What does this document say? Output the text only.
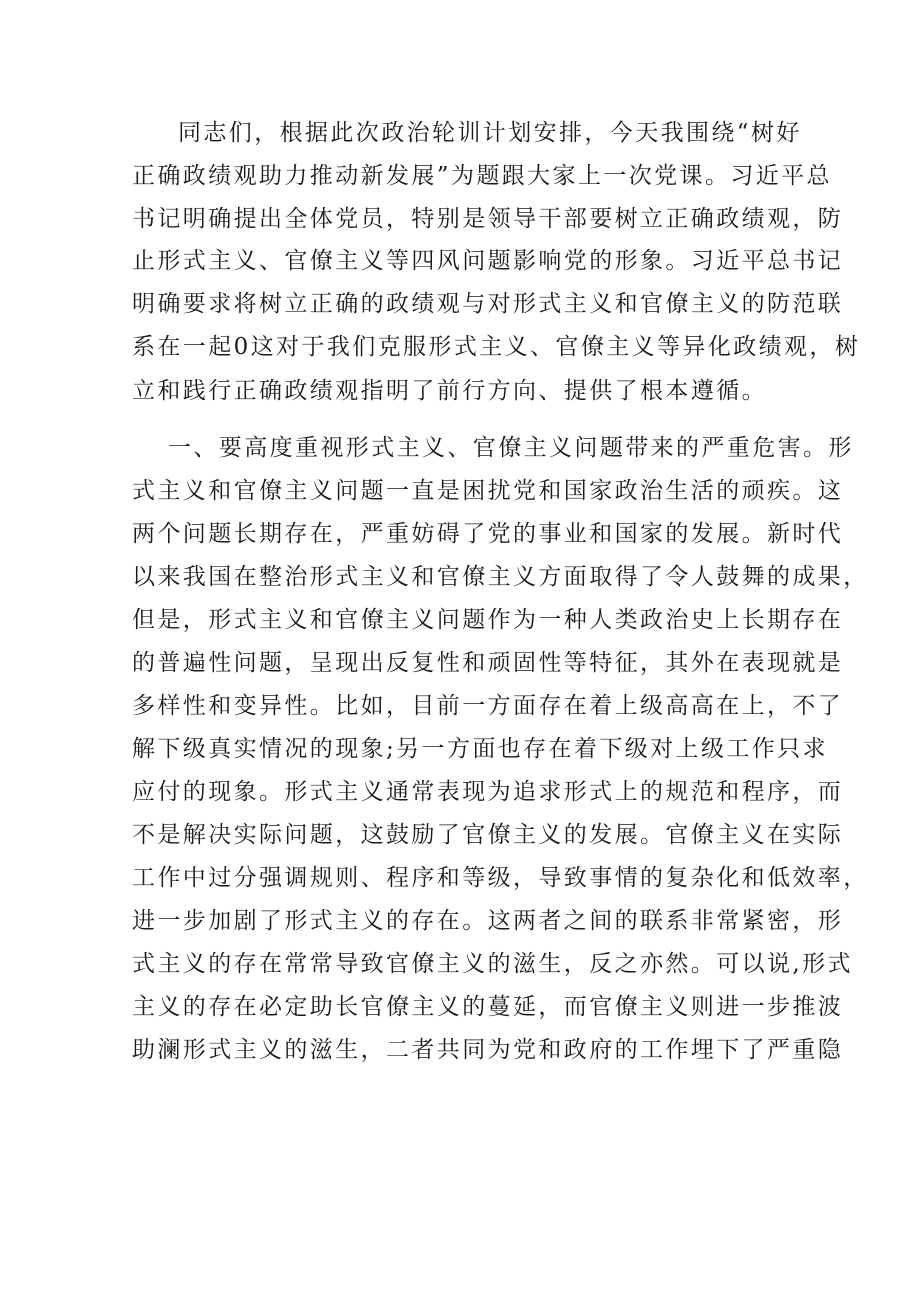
同志们，根据此次政治轮训计划安排，今天我围绕“树好
正确政绩观助力推动新发展”为题跟大家上一次党课。习近平总
书记明确提出全体党员，特别是领导干部要树立正确政绩观，防
止形式主义、官僚主义等四风问题影响党的形象。习近平总书记
明确要求将树立正确的政绩观与对形式主义和官僚主义的防范联
系在一起0这对于我们克服形式主义、官僚主义等异化政绩观，树
立和践行正确政绩观指明了前行方向、提供了根本遵循。
一、要高度重视形式主义、官僚主义问题带来的严重危害。形
式主义和官僚主义问题一直是困扰党和国家政治生活的顽疾。这
两个问题长期存在，严重妨碍了党的事业和国家的发展。新时代
以来我国在整治形式主义和官僚主义方面取得了令人鼓舞的成果，
但是，形式主义和官僚主义问题作为一种人类政治史上长期存在
的普遍性问题，呈现出反复性和顽固性等特征，其外在表现就是
多样性和变异性。比如，目前一方面存在着上级高高在上，不了
解下级真实情况的现象;另一方面也存在着下级对上级工作只求
应付的现象。形式主义通常表现为追求形式上的规范和程序，而
不是解决实际问题，这鼓励了官僚主义的发展。官僚主义在实际
工作中过分强调规则、程序和等级，导致事情的复杂化和低效率，
进一步加剧了形式主义的存在。这两者之间的联系非常紧密，形
式主义的存在常常导致官僚主义的滋生，反之亦然。可以说,形式
主义的存在必定助长官僚主义的蔓延，而官僚主义则进一步推波
助澜形式主义的滋生，二者共同为党和政府的工作埋下了严重隐
